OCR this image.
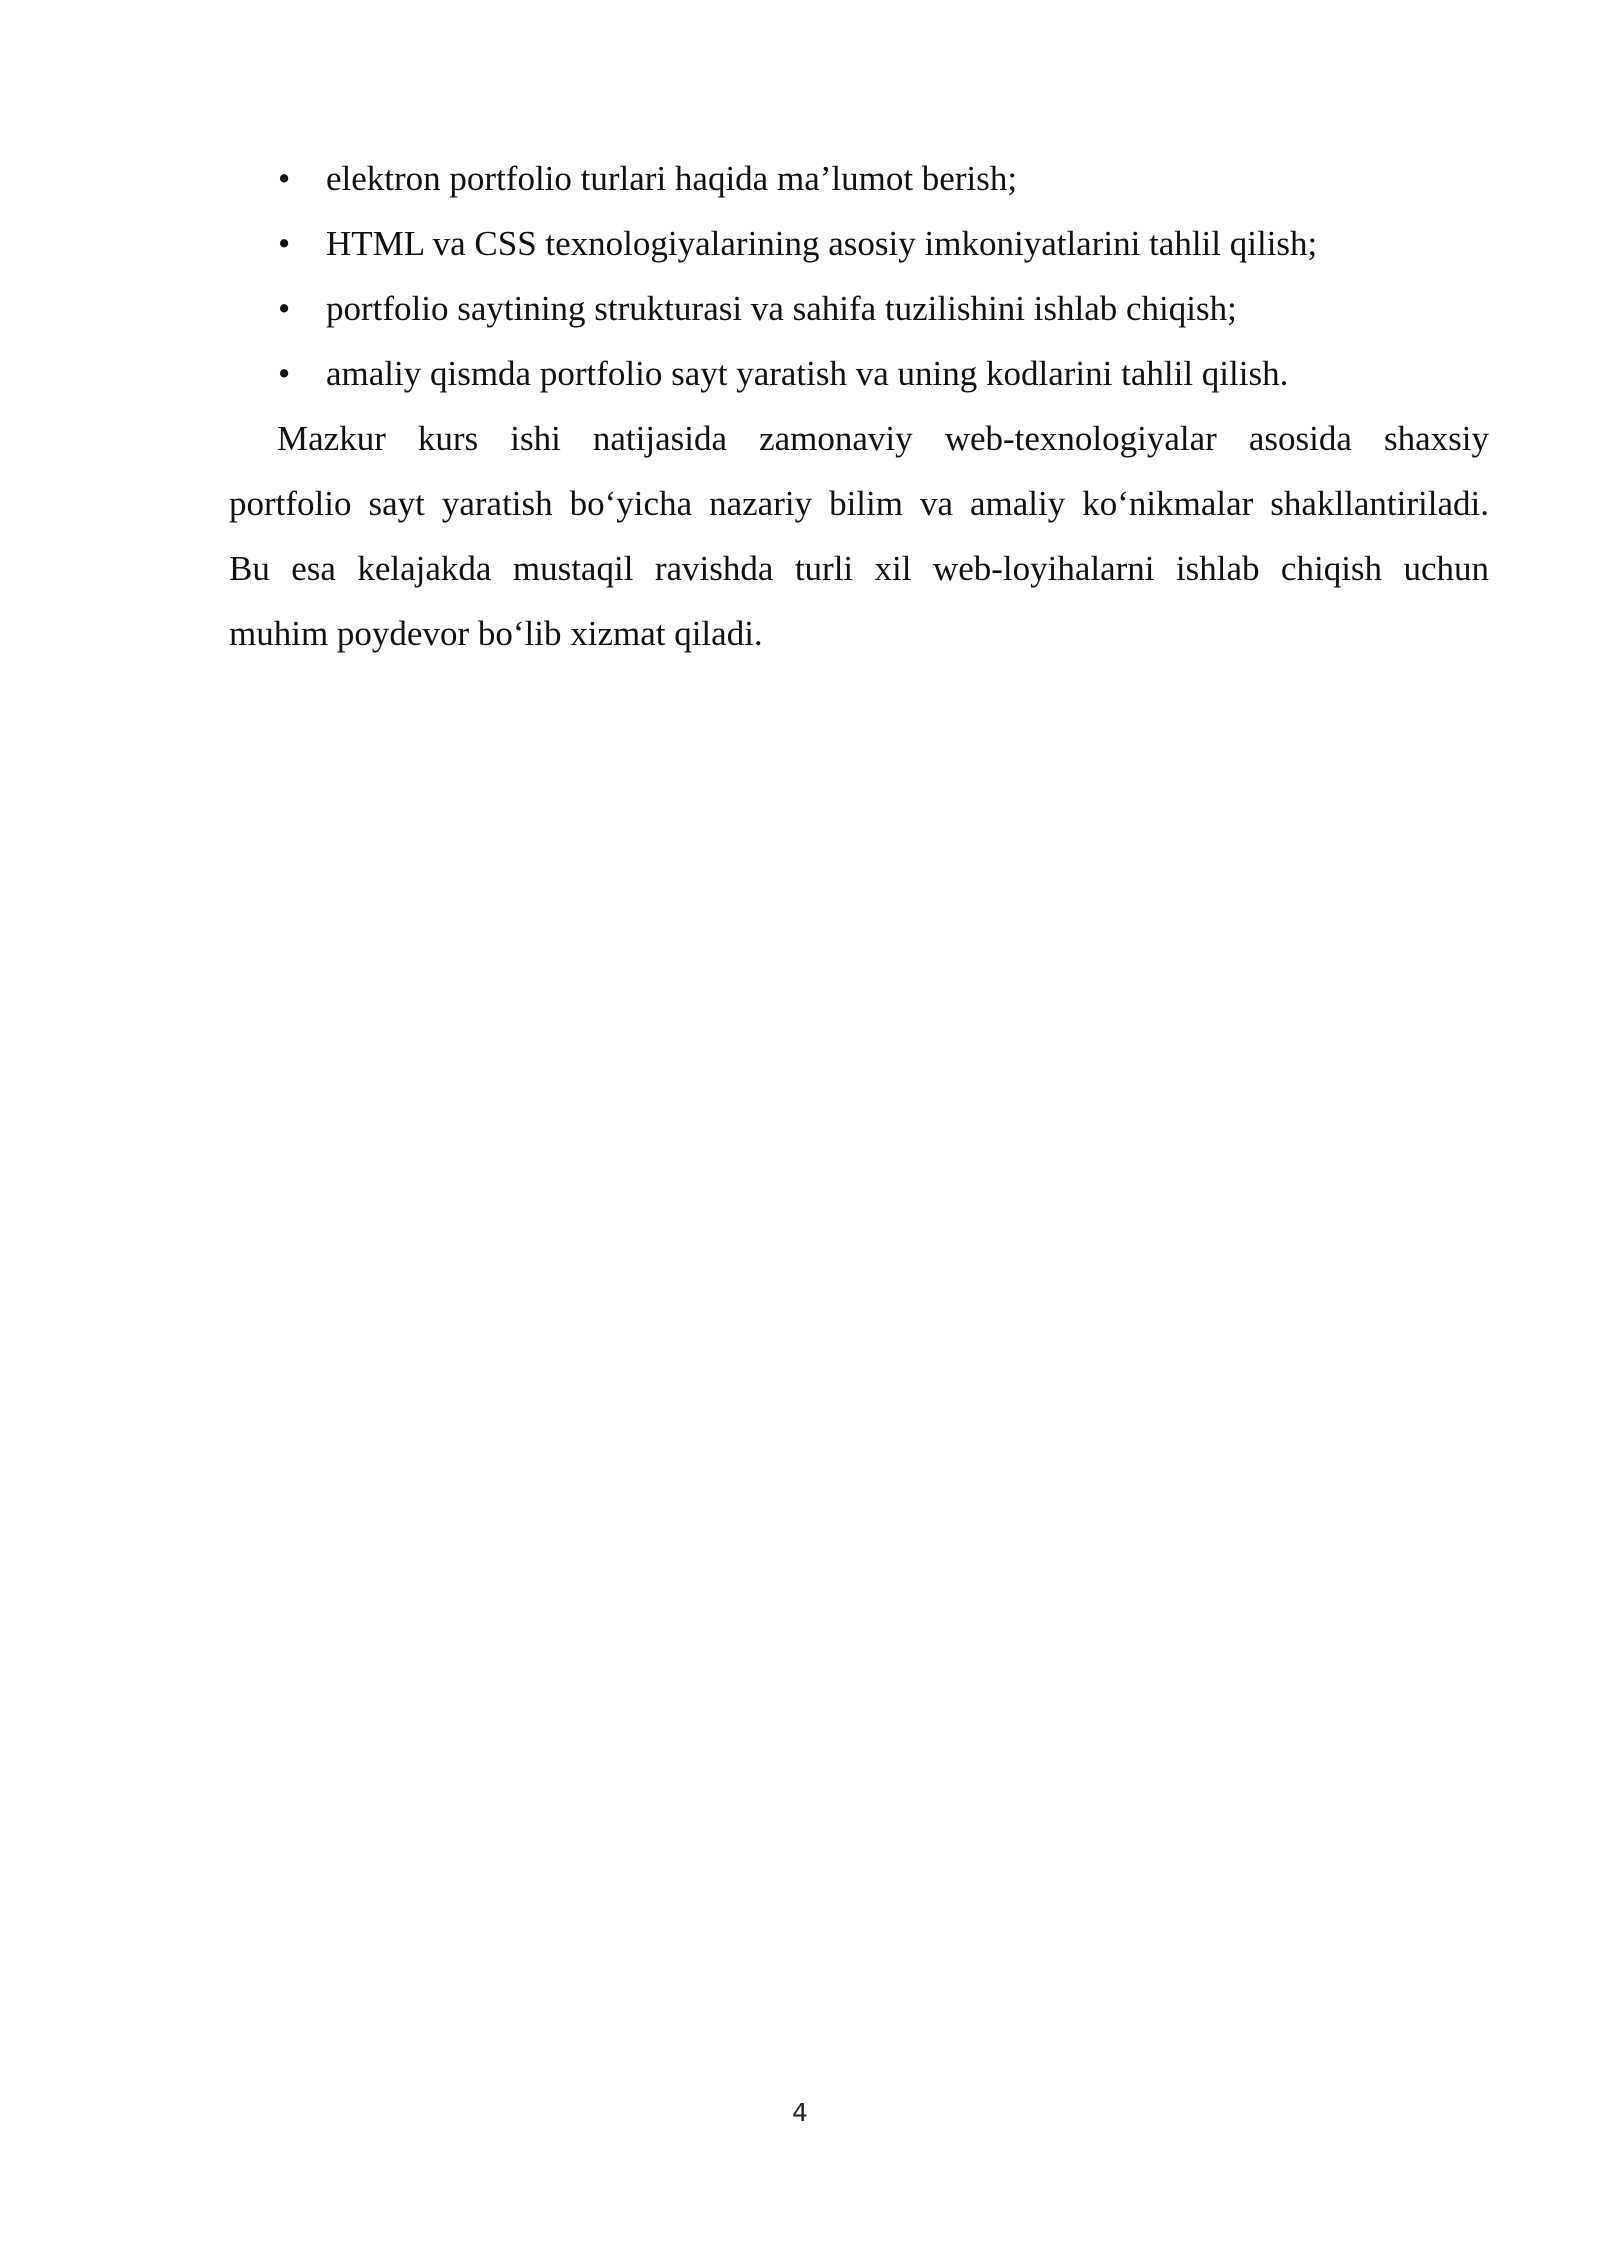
• elektron portfolio turlari haqida ma’lumot berish;
• HTML va CSS texnologiyalarining asosiy imkoniyatlarini tahlil qilish;
• portfolio saytining strukturasi va sahifa tuzilishini ishlab chiqish;
• amaliy qismda portfolio sayt yaratish va uning kodlarini tahlil qilish.
Mazkur kurs ishi natijasida zamonaviy web-texnologiyalar asosida shaxsiy
portfolio sayt yaratish bo‘yicha nazariy bilim va amaliy ko‘nikmalar shakllantiriladi.
Bu esa kelajakda mustaqil ravishda turli xil web-loyihalarni ishlab chiqish uchun
muhim poydevor bo‘lib xizmat qiladi.
4
